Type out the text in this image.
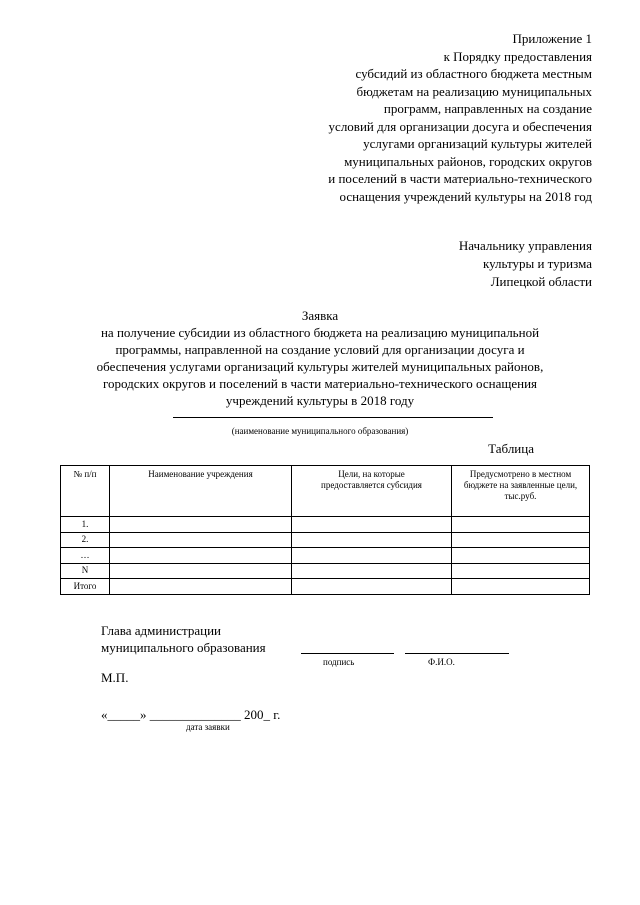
Приложение 1
к Порядку предоставления
субсидий из областного бюджета местным
бюджетам на реализацию муниципальных
программ, направленных на создание
условий для организации досуга и обеспечения
услугами организаций культуры жителей
муниципальных районов, городских округов
и поселений в части материально-технического
оснащения учреждений культуры на 2018 год
Начальнику управления
культуры и туризма
Липецкой области
Заявка
на получение субсидии из областного бюджета на реализацию муниципальной
программы, направленной на создание условий для организации досуга и
обеспечения услугами организаций культуры жителей муниципальных районов,
городских округов и поселений в части материально-технического оснащения
учреждений культуры в 2018 году
(наименование муниципального образования)
Таблица
№ п/п	Наименование учреждения	Цели, на которые предоставляется субсидия	Предусмотрено в местном бюджете на заявленные цели, тыс.руб.
1.			
2.			
…			
N			
Итого			
Глава администрации
муниципального образования
подпись	Ф.И.О.
М.П.
«_____» ______________ 200_ г.
дата заявки
